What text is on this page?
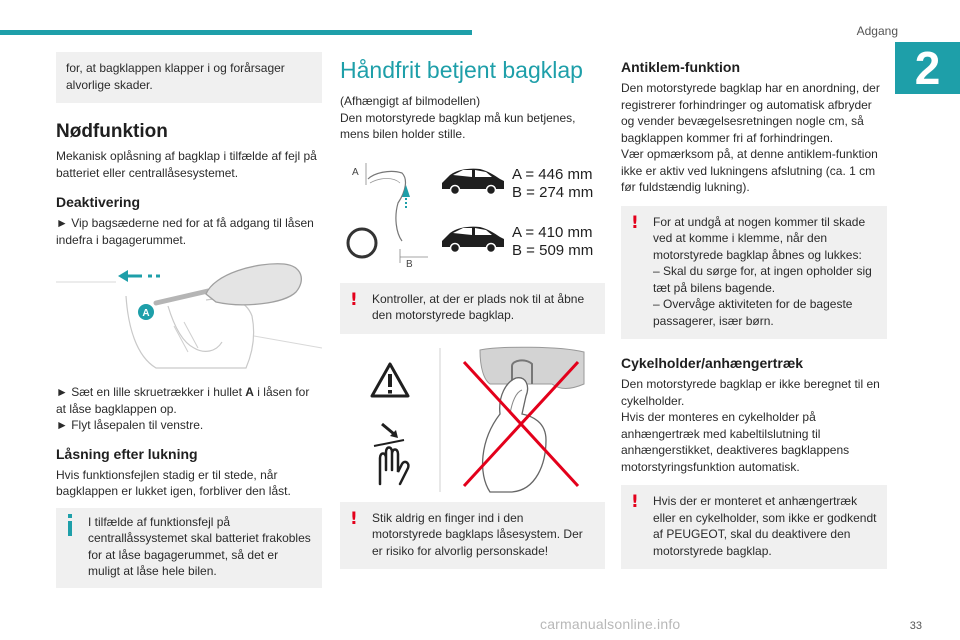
Adgang
2
for, at bagklappen klapper i og forårsager alvorlige skader.
Nødfunktion
Mekanisk oplåsning af bagklap i tilfælde af fejl på batteriet eller centrallåsesystemet.
Deaktivering
► Vip bagsæderne ned for at få adgang til låsen indefra i bagagerummet.
A
► Sæt en lille skruetrækker i hullet A i låsen for at låse bagklappen op.
► Flyt låsepalen til venstre.
Låsning efter lukning
Hvis funktionsfejlen stadig er til stede, når bagklappen er lukket igen, forbliver den låst.
I tilfælde af funktionsfejl på centrallåssystemet skal batteriet frakobles for at låse bagagerummet, så det er muligt at låse hele bilen.
Håndfrit betjent bagklap
(Afhængigt af bilmodellen)
Den motorstyrede bagklap må kun betjenes, mens bilen holder stille.
A
B
A = 446 mm
B = 274 mm
A = 410 mm
B = 509 mm
! Kontroller, at der er plads nok til at åbne den motorstyrede bagklap.
! Stik aldrig en finger ind i den motorstyrede bagklaps låsesystem. Der er risiko for alvorlig personskade!
Antiklem-funktion
Den motorstyrede bagklap har en anordning, der registrerer forhindringer og automatisk afbryder og vender bevægelsesretningen nogle cm, så bagklappen kommer fri af forhindringen.
Vær opmærksom på, at denne antiklem-funktion ikke er aktiv ved lukningens afslutning (ca. 1 cm før fuldstændig lukning).
! For at undgå at nogen kommer til skade ved at komme i klemme, når den motorstyrede bagklap åbnes og lukkes:
– Skal du sørge for, at ingen opholder sig tæt på bilens bagende.
– Overvåge aktiviteten for de bageste passagerer, især børn.
Cykelholder/anhængertræk
Den motorstyrede bagklap er ikke beregnet til en cykelholder.
Hvis der monteres en cykelholder på anhængertræk med kabeltilslutning til anhængerstikket, deaktiveres bagklappens motorstyringsfunktion automatisk.
! Hvis der er monteret et anhængertræk eller en cykelholder, som ikke er godkendt af PEUGEOT, skal du deaktivere den motorstyrede bagklap.
carmanualsonline.info	33
